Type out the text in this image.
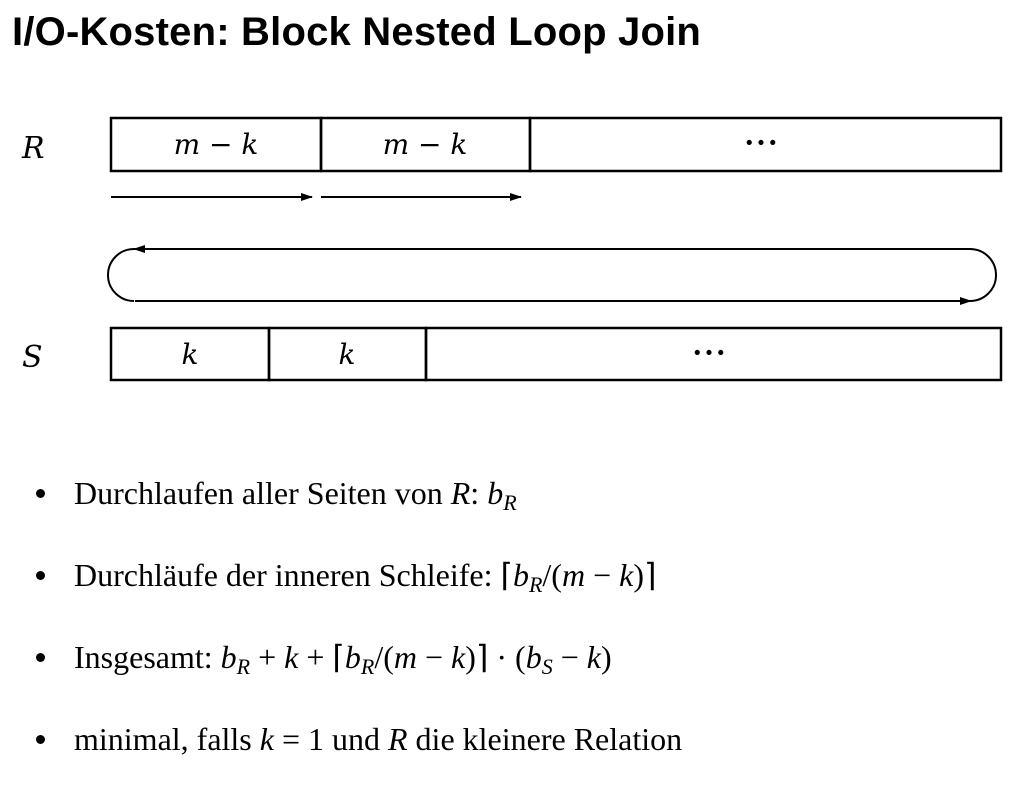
I/O-Kosten: Block Nested Loop Join
R	m − k	m − k	···
S	k	k	···
Durchlaufen aller Seiten von R: $b_R$
Durchläufe der inneren Schleife: $⌈b_R/(m$ − k)⌉
Insgesamt: $b_R + k$ + $⌈b_R/(m$ − k)⌉ · $(b_S - k)$
minimal, falls k = 1 und R die kleinere Relation
